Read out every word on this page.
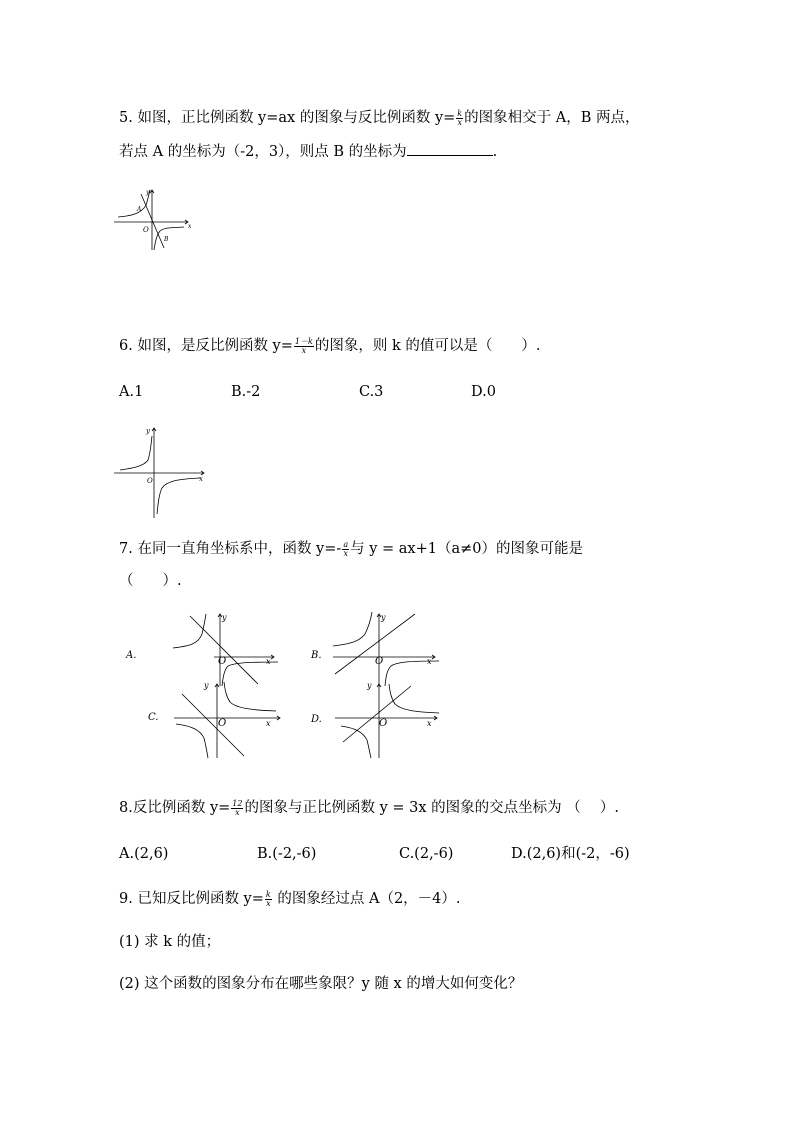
5. 如图，正比例函数 y=ax 的图象与反比例函数 $y= \frac{k}{x}$ 的图象相交于 A，B 两点，
若点 A 的坐标为（-2，3），则点 B 的坐标为	.
y
x
O
A
B
6. 如图，是反比例函数 $y= \frac{1-k}{x}$ 的图象，则 k 的值可以是（　　）.
A.1	B.-2	C.3	D.0
y
x
O
7. 在同一直角坐标系中，函数 $y=- \frac{a}{x}$ 与 y = ax+1（a≠0）的图象可能是
（　　）.
A.
y
x
O
B.
y
x
O
C.
y
x
O	D.
y
x
O
8.反比例函数 $y= \frac{12}{x}$ 的图象与正比例函数 y = 3x 的图象的交点坐标为 （　 ）.
A.(2,6)	B.(-2,-6)	C.(2,-6)	D.(2,6)和(-2，-6)
9. 已知反比例函数 $y= \frac{k}{x}$ 的图象经过点 A（2，－4）.
(1) 求 k 的值；
(2) 这个函数的图象分布在哪些象限？y 随 x 的增大如何变化？
